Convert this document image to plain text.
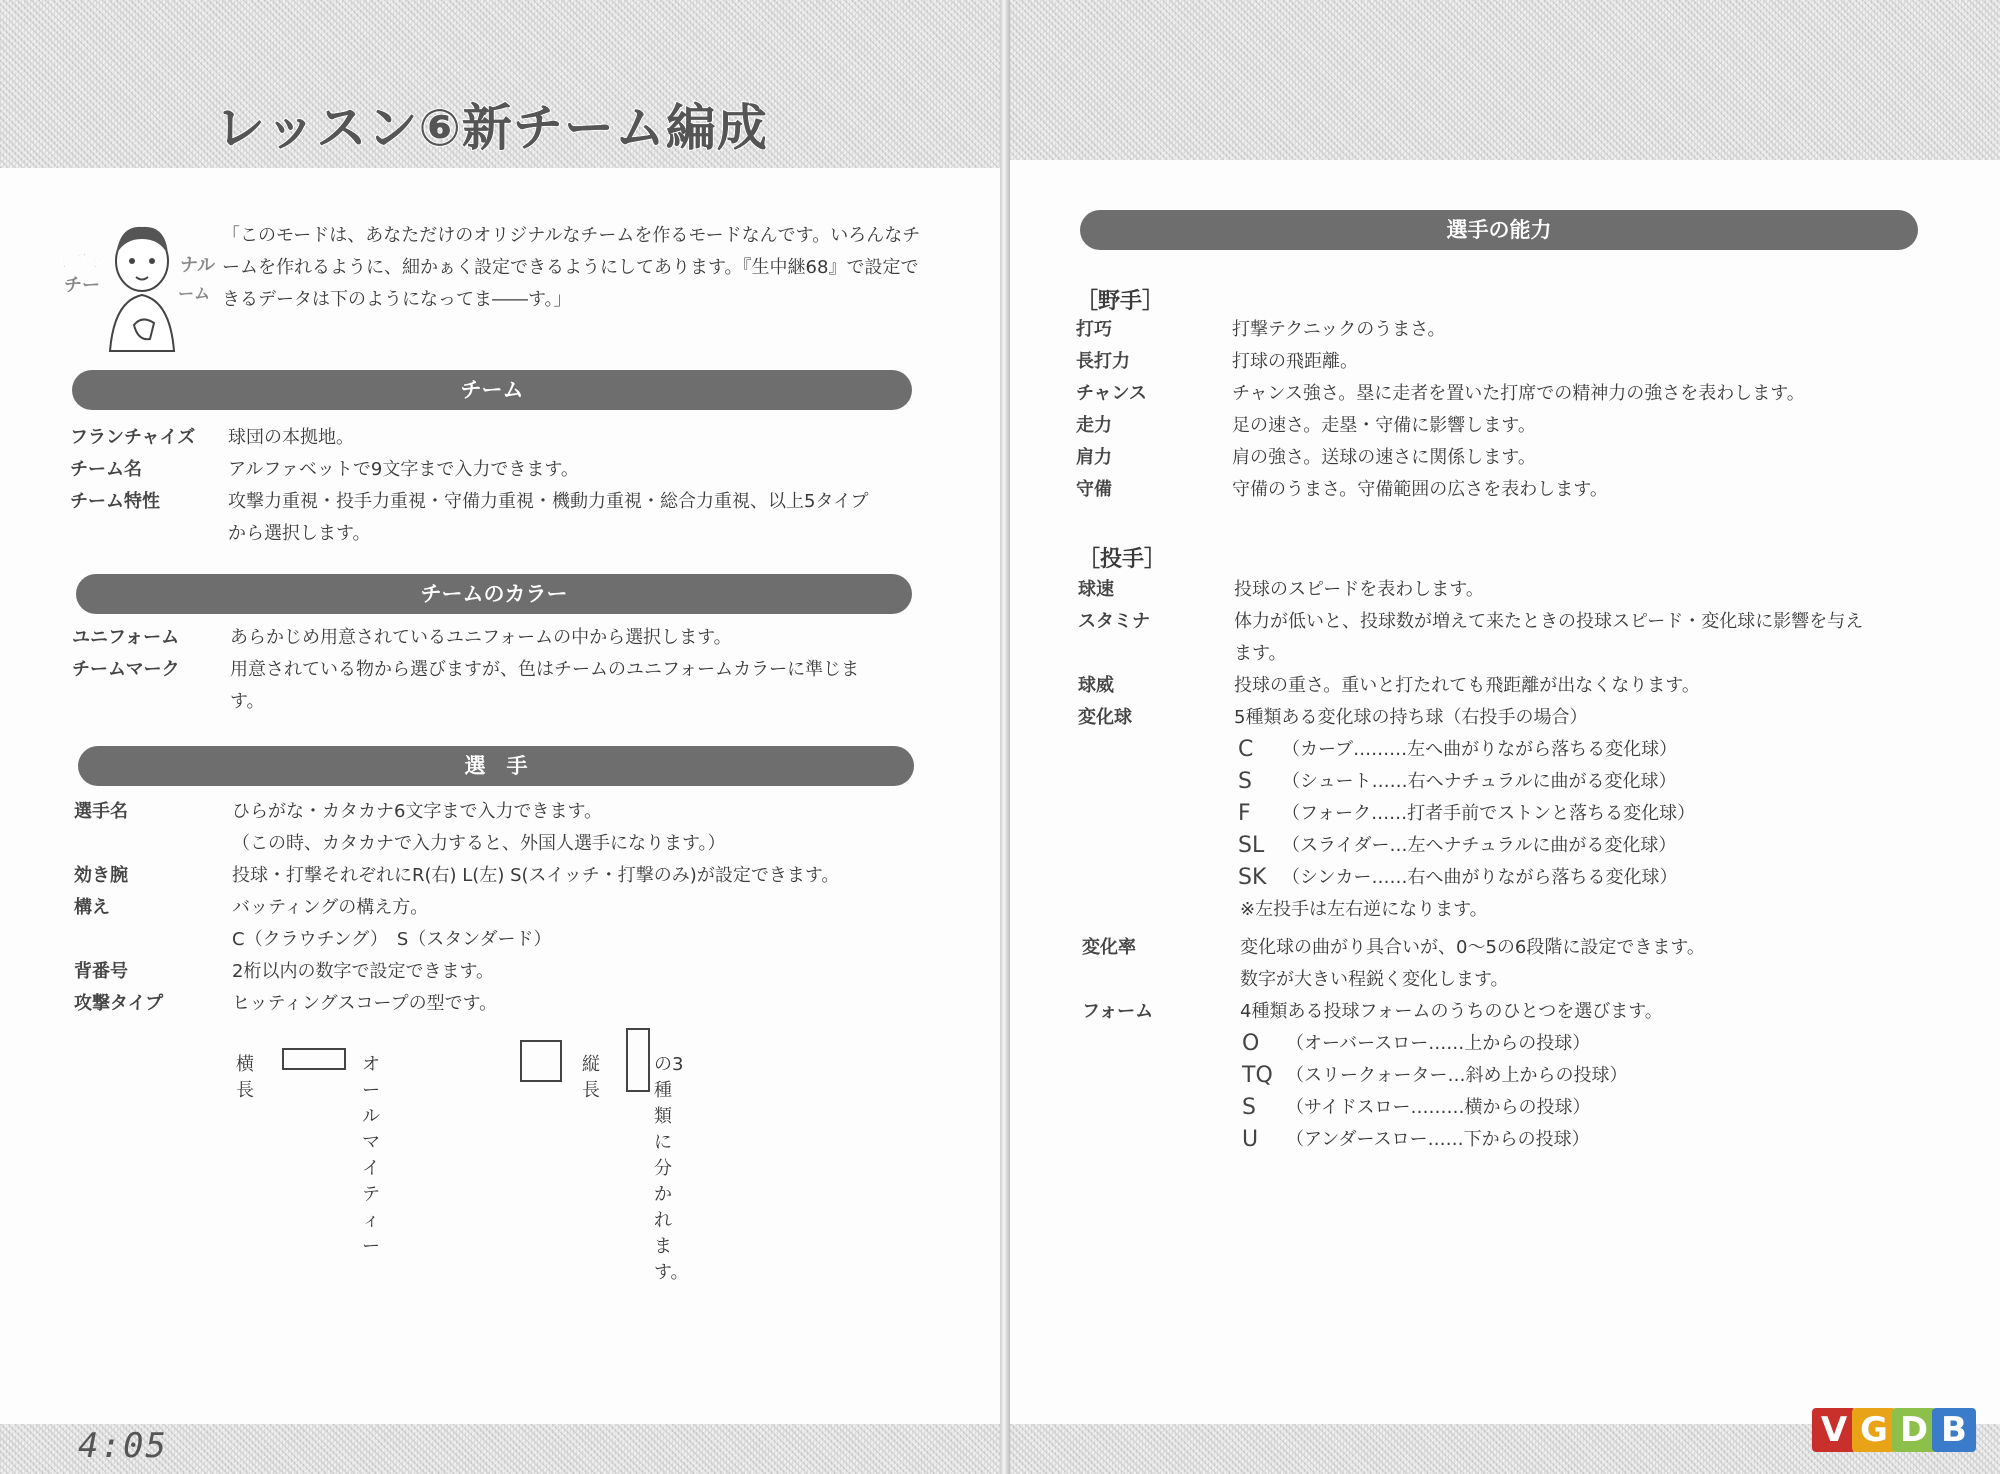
レッスン⑥新チーム編成
オリジ
チー
ナル
ーム
「このモードは、あなただけのオリジナルなチームを作るモードなんです。いろんなチームを作れるように、細かぁく設定できるようにしてあります。『生中継68』で設定できるデータは下のようになってま――す。」
チーム
フランチャイズ 球団の本拠地。
チーム名	アルファベットで9文字まで入力できます。
チーム特性	攻撃力重視・投手力重視・守備力重視・機動力重視・総合力重視、以上5タイプ
から選択します。
チームのカラー
ユニフォーム	あらかじめ用意されているユニフォームの中から選択します。
チームマーク	用意されている物から選びますが、色はチームのユニフォームカラーに準じま
す。
選　手
選手名	ひらがな・カタカナ6文字まで入力できます。
（この時、カタカナで入力すると、外国人選手になります。）
効き腕	投球・打撃それぞれにR(右) L(左) S(スイッチ・打撃のみ)が設定できます。
構え	バッティングの構え方。
C（クラウチング）　S（スタンダード）
背番号	2桁以内の数字で設定できます。
攻撃タイプ	ヒッティングスコープの型です。
横長
オールマイティー
縦長
の3種類に分かれます。
4:05
選手の能力
［野手］
打巧	打撃テクニックのうまさ。
長打力	打球の飛距離。
チャンス	チャンス強さ。塁に走者を置いた打席での精神力の強さを表わします。
走力	足の速さ。走塁・守備に影響します。
肩力	肩の強さ。送球の速さに関係します。
守備	守備のうまさ。守備範囲の広さを表わします。
［投手］
球速	投球のスピードを表わします。
スタミナ	体力が低いと、投球数が増えて来たときの投球スピード・変化球に影響を与え
ます。
球威	投球の重さ。重いと打たれても飛距離が出なくなります。
変化球	5種類ある変化球の持ち球（右投手の場合）
C （カーブ………左へ曲がりながら落ちる変化球）
S （シュート……右へナチュラルに曲がる変化球）
F （フォーク……打者手前でストンと落ちる変化球）
SL （スライダー…左へナチュラルに曲がる変化球）
SK （シンカー……右へ曲がりながら落ちる変化球）
※左投手は左右逆になります。
変化率	変化球の曲がり具合いが、0〜5の6段階に設定できます。
数字が大きい程鋭く変化します。
フォーム	4種類ある投球フォームのうちのひとつを選びます。
O （オーバースロー……上からの投球）
TQ （スリークォーター…斜め上からの投球）
S （サイドスロー………横からの投球）
U （アンダースロー……下からの投球）
V G D B
